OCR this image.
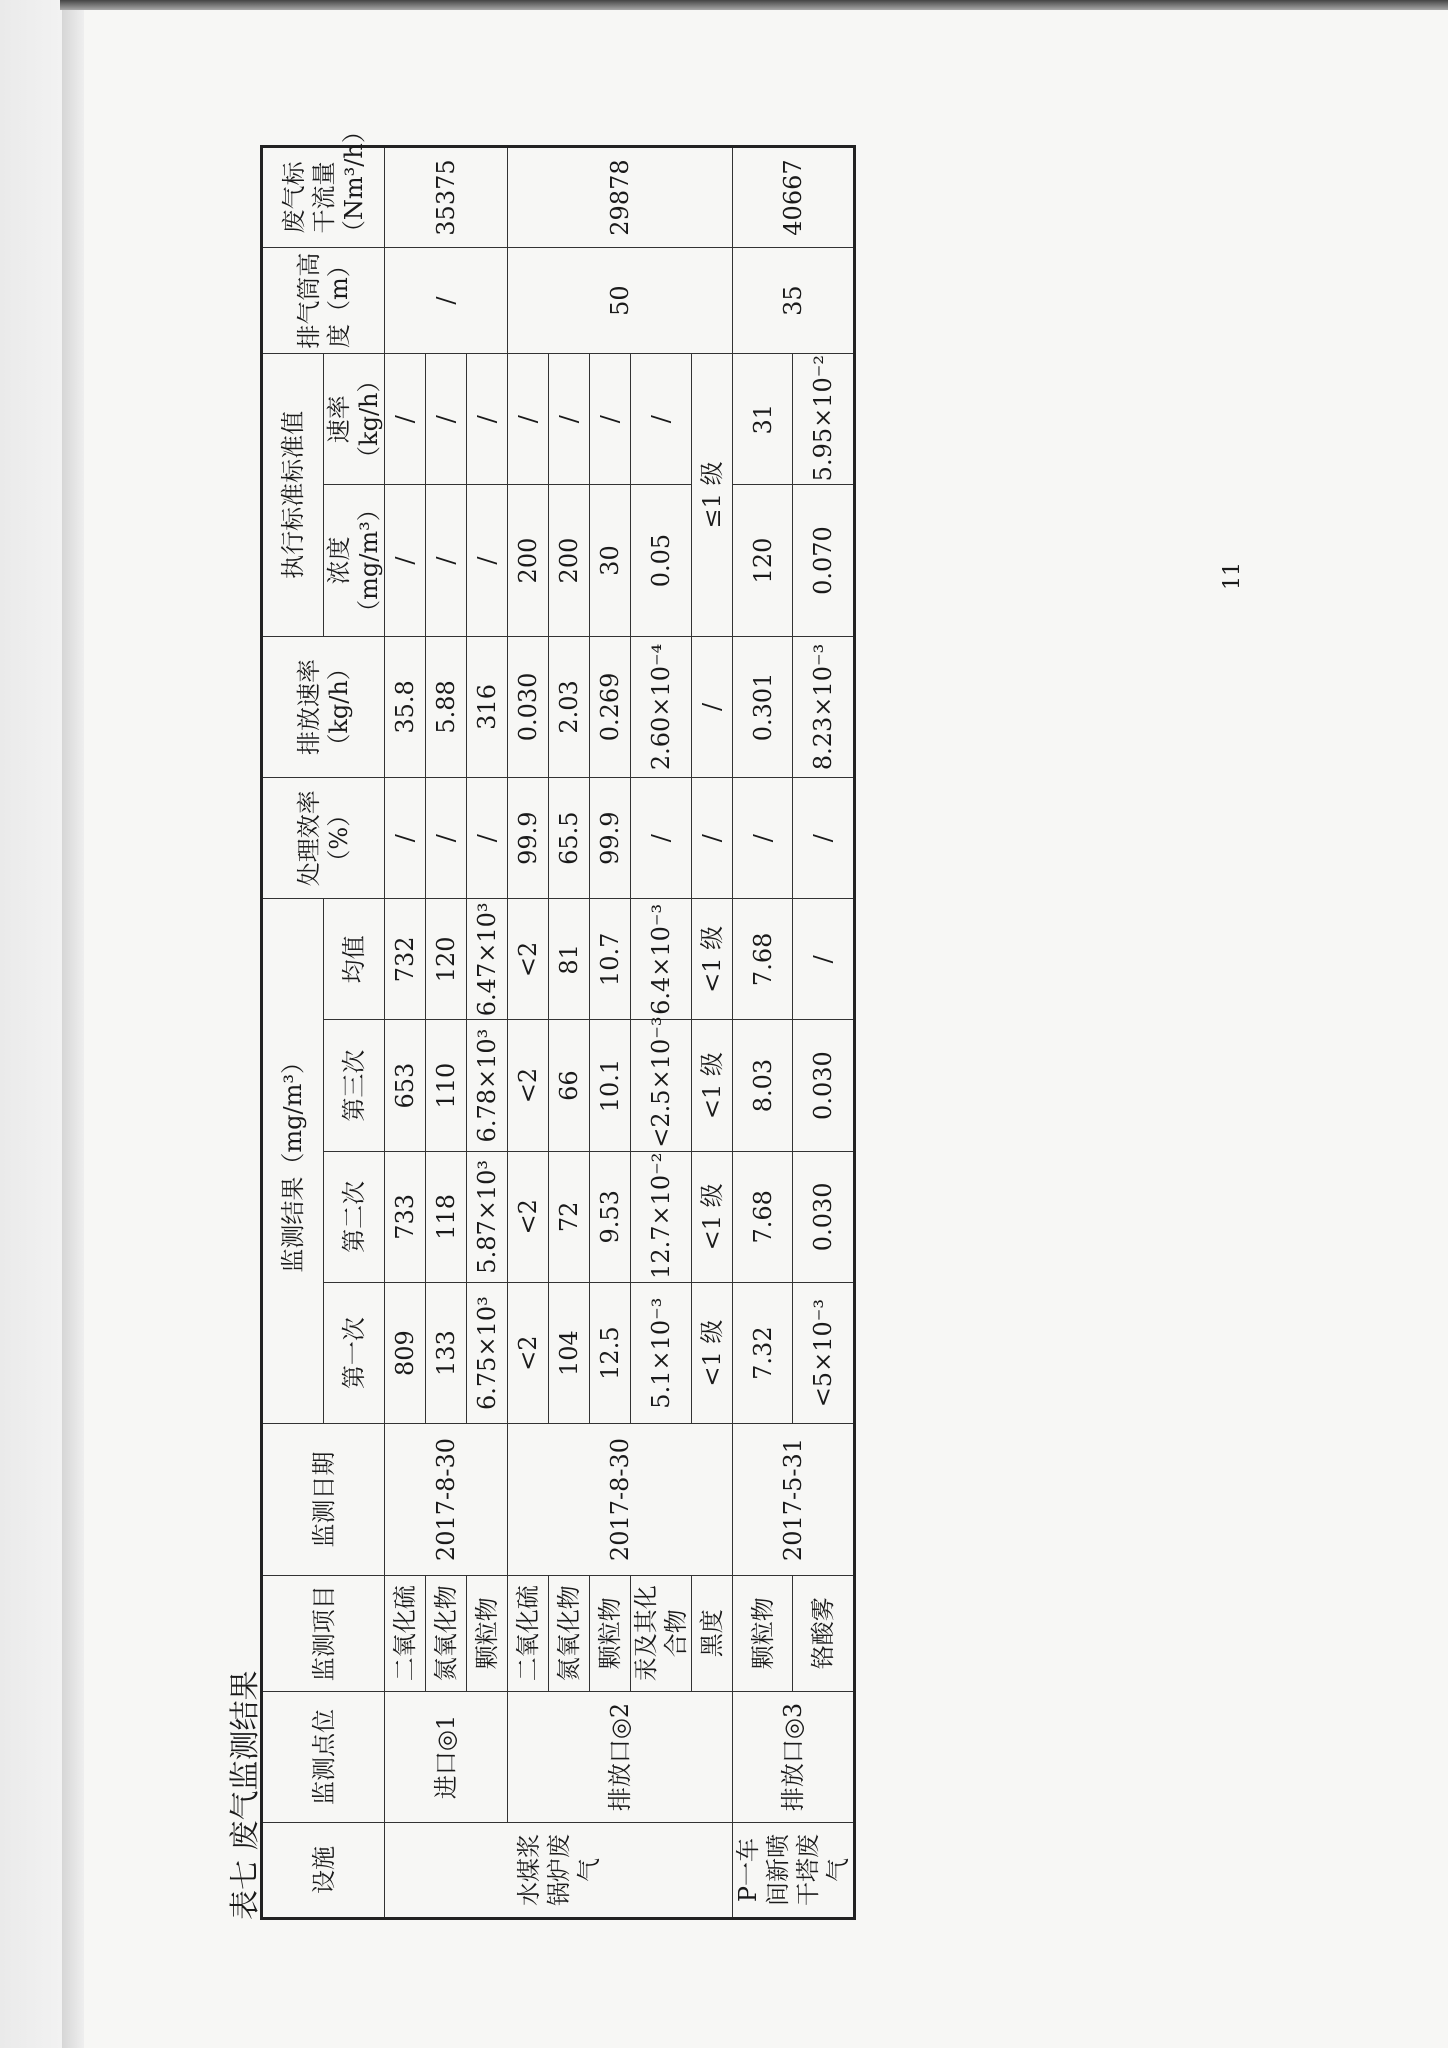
表七 废气监测结果 设施	监测点位	监测项目	监测日期	监测结果（mg/m³）				处理效率（%）	排放速率（kg/h）	执行标准标准值		排气筒高度（m）	废气标干流量（Nm³/h）
				第一次	第二次	第三次	均值			浓度（mg/m³）	速率（kg/h）		

水煤浆锅炉废气	进口◎1	二氧化硫	2017-8-30	809	733	653	732	/	35.8	/	/	/	35375
		氮氧化物		133	118	110	120	/	5.88	/	/		
		颗粒物		6.75×10³	5.87×10³	6.78×10³	6.47×10³	/	316	/	/		
	排放口◎2	二氧化硫	2017-8-30	<2	<2	<2	<2	99.9	0.030	200	/	50	29878
		氮氧化物		104	72	66	81	65.5	2.03	200	/		
		颗粒物		12.5	9.53	10.1	10.7	99.9	0.269	30	/		
		汞及其化合物		5.1×10⁻³	12.7×10⁻²	<2.5×10⁻³	6.4×10⁻³	/	2.60×10⁻⁴	0.05	/		
		黑度		<1 级	<1 级	<1 级	<1 级	/	/	≤1 级			
P一车间新喷干塔废气	排放口◎3	颗粒物	2017-5-31	7.32	7.68	8.03	7.68	/	0.301	120	31	35	40667
		铬酸雾		<5×10⁻³	0.030	0.030	/	/	8.23×10⁻³	0.070	5.95×10⁻²		
11
